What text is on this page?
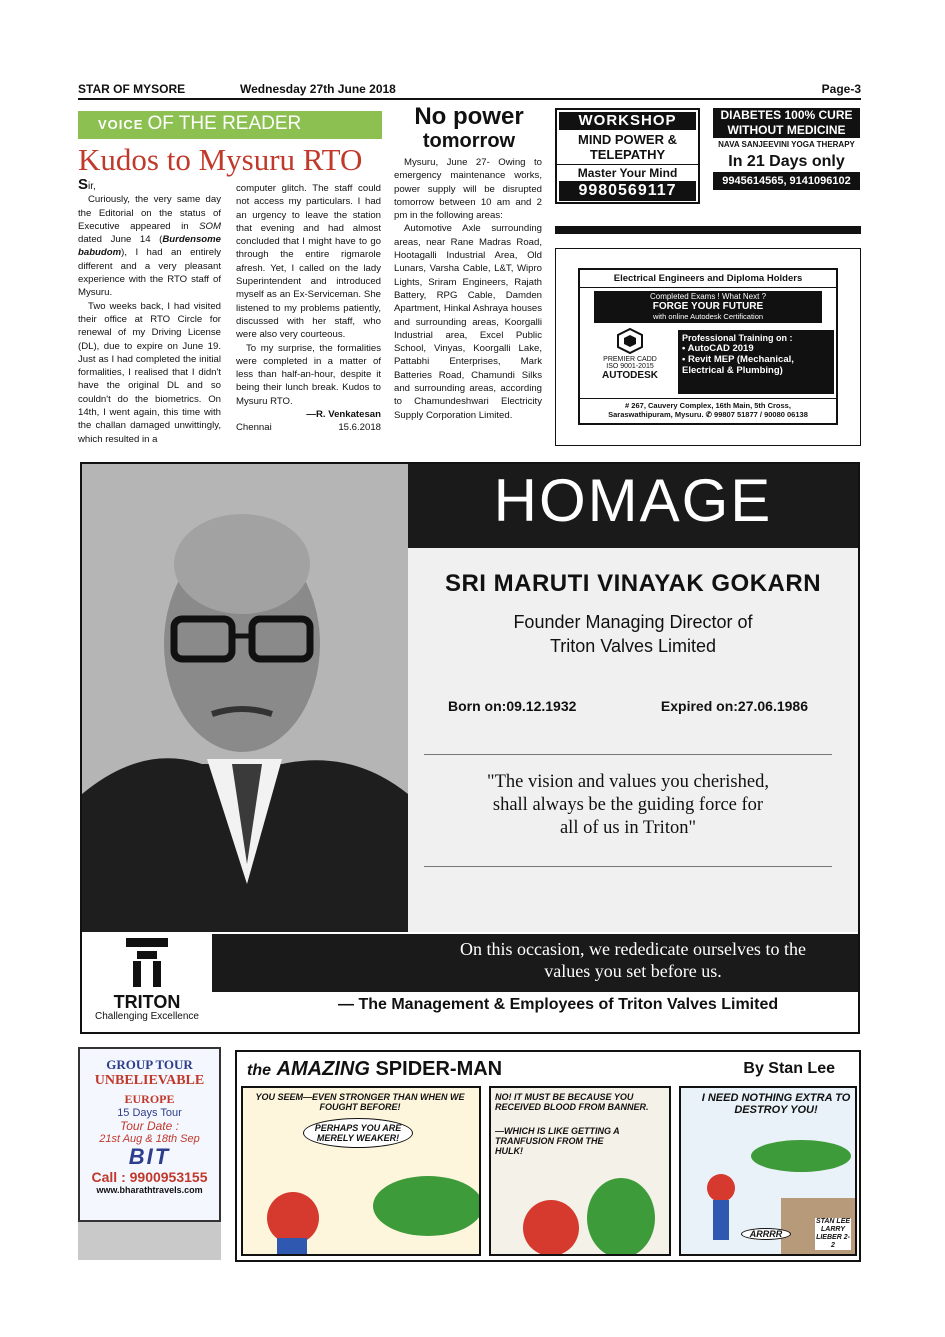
STAR OF MYSORE	Wednesday 27th June 2018	Page-3
VOICE OF THE READER
Kudos to Mysuru RTO
Sir,

Curiously, the very same day the Editorial on the status of Executive appeared in SOM dated June 14 (Burdensome babudom), I had an entirely different and a very pleasant experience with the RTO staff of Mysuru.

Two weeks back, I had visited their office at RTO Circle for renewal of my Driving License (DL), due to expire on June 19. Just as I had completed the initial formalities, I realised that I didn't have the original DL and so couldn't do the biometrics. On 14th, I went again, this time with the challan damaged unwittingly, which resulted in a

computer glitch. The staff could not access my particulars. I had an urgency to leave the station that evening and had almost concluded that I might have to go through the entire rigmarole afresh. Yet, I called on the lady Superintendent and introduced myself as an Ex-Serviceman. She listened to my problems patiently, discussed with her staff, who were also very courteous.

To my surprise, the formalities were completed in a matter of less than half-an-hour, despite it being their lunch break. Kudos to Mysuru RTO.

—R. Venkatesan
Chennai	15.6.2018
No power
tomorrow

Mysuru, June 27- Owing to emergency maintenance works, power supply will be disrupted tomorrow between 10 am and 2 pm in the following areas:

Automotive Axle surrounding areas, near Rane Madras Road, Hootagalli Industrial Area, Old Lunars, Varsha Cable, L&T, Wipro Lights, Sriram Engineers, Rajath Battery, RPG Cable, Damden Apartment, Hinkal Ashraya houses and surrounding areas, Koorgalli Industrial area, Excel Public School, Vinyas, Koorgalli Lake, Pattabhi Enterprises, Mark Batteries Road, Chamundi Silks and surrounding areas, according to Chamundeshwari Electricity Supply Corporation Limited.

WORKSHOP
MIND POWER &
TELEPATHY
Master Your Mind
9980569117
DIABETES 100% CURE
WITHOUT MEDICINE
NAVA SANJEEVINI YOGA THERAPY
In 21 Days only
9945614565, 9141096102
Electrical Engineers and Diploma Holders
Completed Exams ! What Next ?
FORGE YOUR FUTURE
with online Autodesk Certification
PREMIER CADD
ISO 9001-2015
AUTODESK
Professional Training on :
• AutoCAD 2019
• Revit MEP (Mechanical, Electrical & Plumbing)
# 267, Cauvery Complex, 16th Main, 5th Cross,
Saraswathipuram, Mysuru. ✆ 99807 51877 / 90080 06138
HOMAGE
SRI MARUTI VINAYAK GOKARN
Founder Managing Director of
Triton Valves Limited
Born on:09.12.1932	Expired on:27.06.1986
"The vision and values you cherished,
shall always be the guiding force for
all of us in Triton"
On this occasion, we rededicate ourselves to the
values you set before us.
TRITON
Challenging Excellence
— The Management & Employees of Triton Valves Limited
GROUP TOUR
UNBELIEVABLE
EUROPE
15 Days Tour
Tour Date :
21st Aug & 18th Sep
BIT
Call : 9900953155
www.bharathtravels.com
the AMAZING SPIDER-MAN	By Stan Lee
YOU SEEM—EVEN STRONGER THAN WHEN WE FOUGHT BEFORE!
PERHAPS YOU ARE MERELY WEAKER!
NO! IT MUST BE BECAUSE YOU RECEIVED BLOOD FROM BANNER.
—WHICH IS LIKE GETTING A TRANFUSION FROM THE HULK!
I NEED NOTHING EXTRA TO DESTROY YOU!
ARRRR
STAN LEE LARRY LIEBER 2-2
